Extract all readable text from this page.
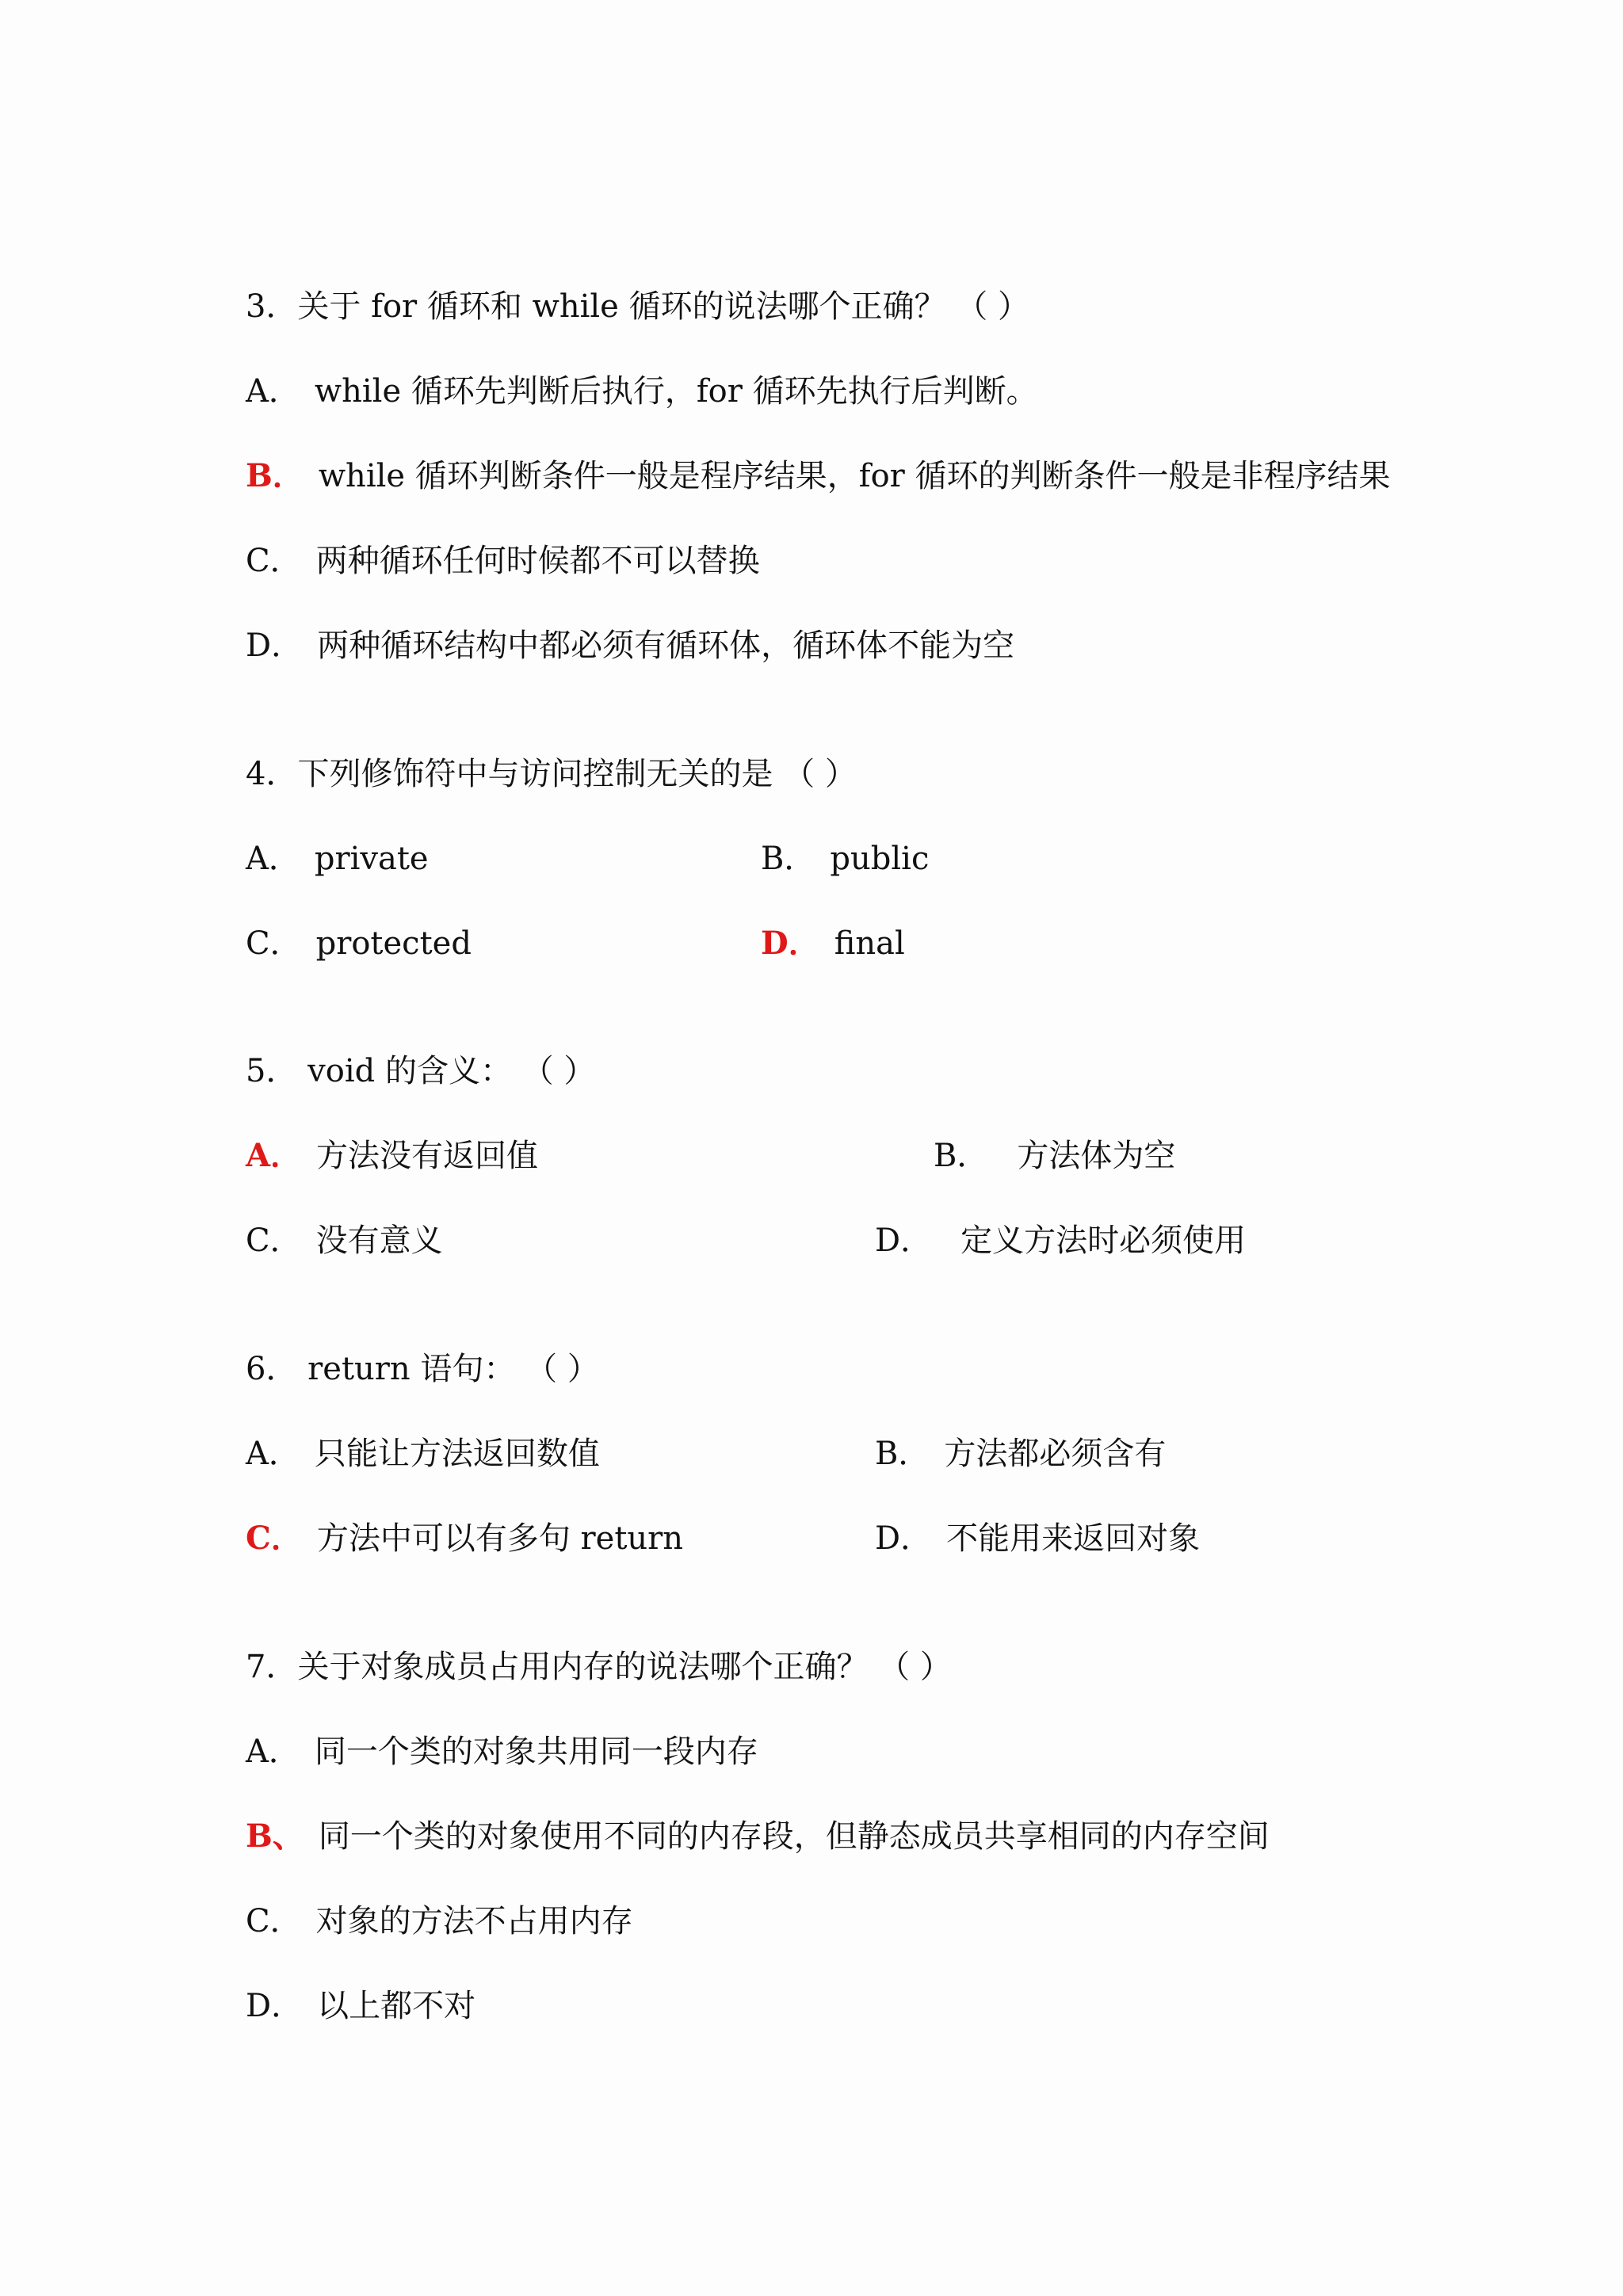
3．关于 for 循环和 while 循环的说法哪个正确？ （ ）
A． while 循环先判断后执行，for 循环先执行后判断。
B． while 循环判断条件一般是程序结果，for 循环的判断条件一般是非程序结果
C． 两种循环任何时候都不可以替换
D． 两种循环结构中都必须有循环体，循环体不能为空
4．下列修饰符中与访问控制无关的是 （ ）
A． private	B． public
C． protected	D． final
5． void 的含义： （ ）
A． 方法没有返回值	B． 方法体为空
C． 没有意义	D． 定义方法时必须使用
6． return 语句： （ ）
A． 只能让方法返回数值	B． 方法都必须含有
C． 方法中可以有多句 return	D． 不能用来返回对象
7．关于对象成员占用内存的说法哪个正确？ （ ）
A． 同一个类的对象共用同一段内存
B、 同一个类的对象使用不同的内存段，但静态成员共享相同的内存空间
C． 对象的方法不占用内存
D． 以上都不对
